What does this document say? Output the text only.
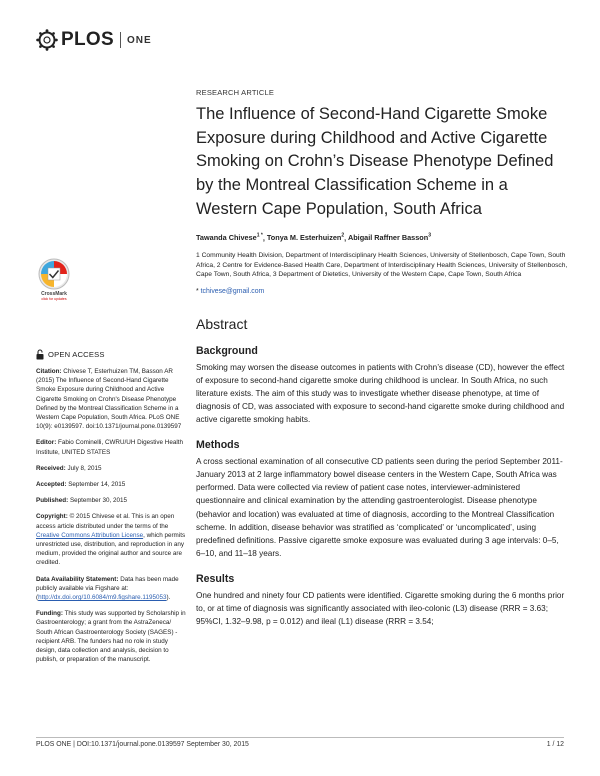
PLOS ONE
CrossMark
click for updates
OPEN ACCESS
Citation: Chivese T, Esterhuizen TM, Basson AR (2015) The Influence of Second-Hand Cigarette Smoke Exposure during Childhood and Active Cigarette Smoking on Crohn's Disease Phenotype Defined by the Montreal Classification Scheme in a Western Cape Population, South Africa. PLoS ONE 10(9): e0139597. doi:10.1371/journal.pone.0139597
Editor: Fabio Cominelli, CWRU/UH Digestive Health Institute, UNITED STATES
Received: July 8, 2015
Accepted: September 14, 2015
Published: September 30, 2015
Copyright: © 2015 Chivese et al. This is an open access article distributed under the terms of the Creative Commons Attribution License, which permits unrestricted use, distribution, and reproduction in any medium, provided the original author and source are credited.
Data Availability Statement: Data has been made publicly available via Figshare at: (http://dx.doi.org/10.6084/m9.figshare.1195053).
Funding: This study was supported by Scholarship in Gastroenterology; a grant from the AstraZeneca/ South African Gastroenterology Society (SAGES) - recipient ARB. The funders had no role in study design, data collection and analysis, decision to publish, or preparation of the manuscript.
RESEARCH ARTICLE
The Influence of Second-Hand Cigarette Smoke Exposure during Childhood and Active Cigarette Smoking on Crohn’s Disease Phenotype Defined by the Montreal Classification Scheme in a Western Cape Population, South Africa
Tawanda Chivese$^{1 *}$, Tonya M. Esterhuizen$^2$, Abigail Raffner Basson$^3$
1 Community Health Division, Department of Interdisciplinary Health Sciences, University of Stellenbosch, Cape Town, South Africa, 2 Centre for Evidence-Based Health Care, Department of Interdisciplinary Health Sciences, University of Stellenbosch, Cape Town, South Africa, 3 Department of Dietetics, University of the Western Cape, Cape Town, South Africa
* tchivese@gmail.com
Abstract
Background

Smoking may worsen the disease outcomes in patients with Crohn’s disease (CD), however the effect of exposure to second-hand cigarette smoke during childhood is unclear. In South Africa, no such literature exists. The aim of this study was to investigate whether disease phenotype, at time of diagnosis of CD, was associated with exposure to second-hand cigarette smoke during childhood and active cigarette smoking habits.

Methods

A cross sectional examination of all consecutive CD patients seen during the period September 2011-January 2013 at 2 large inflammatory bowel disease centers in the Western Cape, South Africa was performed. Data were collected via review of patient case notes, interviewer-administered questionnaire and clinical examination by the attending gastroenterologist. Disease phenotype (behavior and location) was evaluated at time of diagnosis, according to the Montreal Classification scheme. In addition, disease behavior was stratified as ‘complicated’ or ‘uncomplicated’, using predefined definitions. Passive cigarette smoke exposure was evaluated during 3 age intervals: 0–5, 6–10, and 11–18 years.

Results

One hundred and ninety four CD patients were identified. Cigarette smoking during the 6 months prior to, or at time of diagnosis was significantly associated with ileo-colonic (L3) disease (RRR = 3.63; 95%CI, 1.32–9.98, p = 0.012) and ileal (L1) disease (RRR = 3.54;

PLOS ONE | DOI:10.1371/journal.pone.0139597 September 30, 2015	1 / 12
